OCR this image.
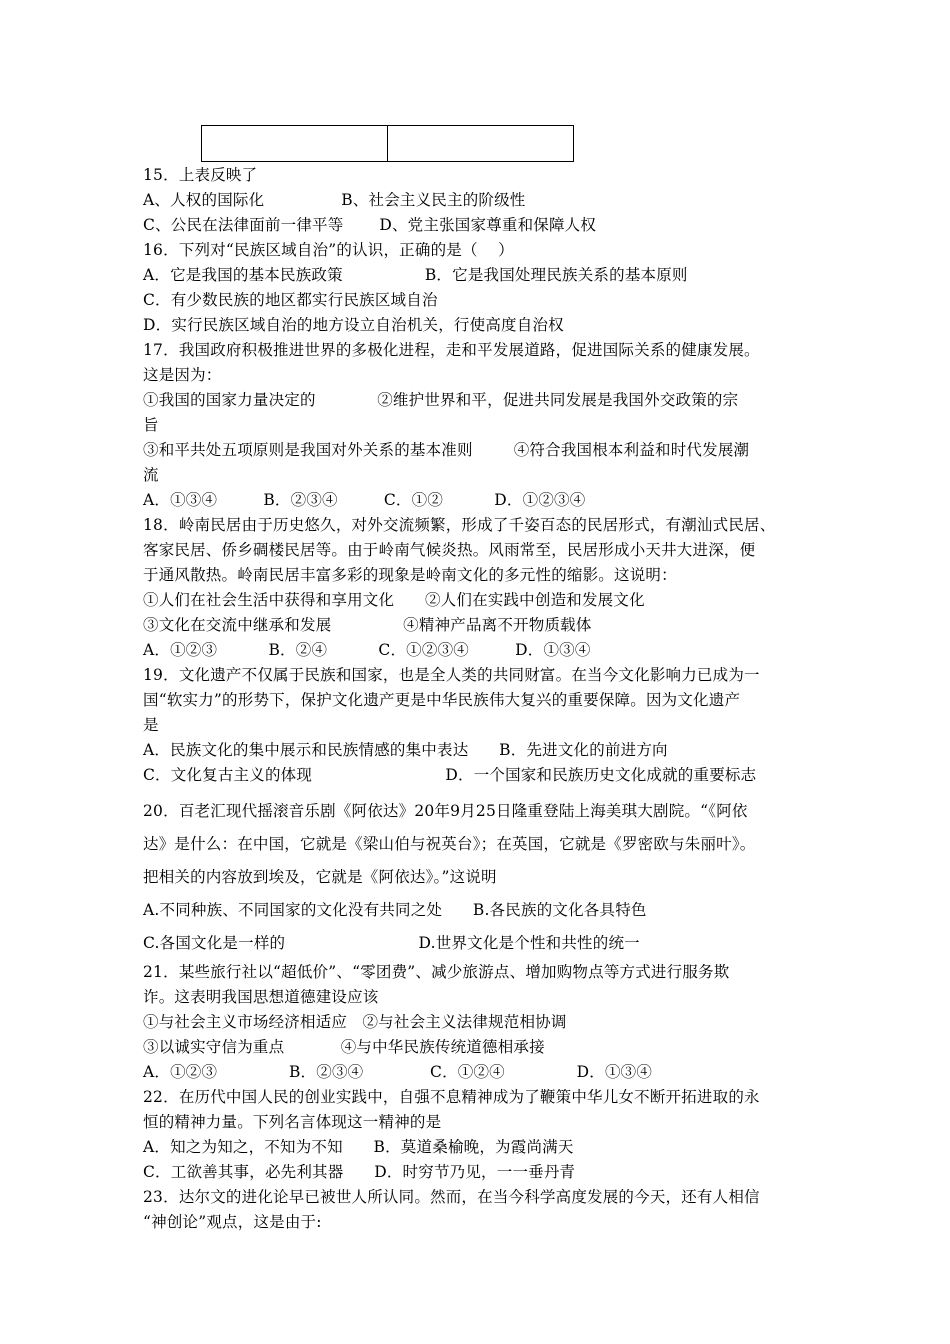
15．上表反映了
A、人权的国际化               B、社会主义民主的阶级性
C、公民在法律面前一律平等       D、党主张国家尊重和保障人权
16．下列对“民族区域自治”的认识，正确的是（    ）
A．它是我国的基本民族政策                B．它是我国处理民族关系的基本原则
C．有少数民族的地区都实行民族区域自治
D．实行民族区域自治的地方设立自治机关，行使高度自治权
17．我国政府积极推进世界的多极化进程，走和平发展道路，促进国际关系的健康发展。
这是因为：
①我国的国家力量决定的            ②维护世界和平，促进共同发展是我国外交政策的宗
旨
③和平共处五项原则是我国对外关系的基本准则        ④符合我国根本利益和时代发展潮
流
A．①③④         B．②③④         C．①②          D．①②③④
18．岭南民居由于历史悠久，对外交流频繁，形成了千姿百态的民居形式，有潮汕式民居、
客家民居、侨乡碉楼民居等。由于岭南气候炎热。风雨常至，民居形成小天井大进深，便
于通风散热。岭南民居丰富多彩的现象是岭南文化的多元性的缩影。这说明：
①人们在社会生活中获得和享用文化      ②人们在实践中创造和发展文化
③文化在交流中继承和发展              ④精神产品离不开物质载体
A．①②③          B．②④          C．①②③④         D．①③④
19．文化遗产不仅属于民族和国家，也是全人类的共同财富。在当今文化影响力已成为一
国“软实力”的形势下，保护文化遗产更是中华民族伟大复兴的重要保障。因为文化遗产
是
A．民族文化的集中展示和民族情感的集中表达      B．先进文化的前进方向
C．文化复古主义的体现                          D．一个国家和民族历史文化成就的重要标志
20．百老汇现代摇滚音乐剧《阿依达》20年9月25日隆重登陆上海美琪大剧院。“《阿依
达》是什么：在中国，它就是《梁山伯与祝英台》；在英国，它就是《罗密欧与朱丽叶》。
把相关的内容放到埃及，它就是《阿依达》。”这说明
A.不同种族、不同国家的文化没有共同之处      B.各民族的文化各具特色
C.各国文化是一样的                          D.世界文化是个性和共性的统一
21．某些旅行社以“超低价”、“零团费”、减少旅游点、增加购物点等方式进行服务欺
诈。这表明我国思想道德建设应该
①与社会主义市场经济相适应   ②与社会主义法律规范相协调
③以诚实守信为重点           ④与中华民族传统道德相承接
A．①②③              B．②③④             C．①②④              D．①③④
22．在历代中国人民的创业实践中，自强不息精神成为了鞭策中华儿女不断开拓进取的永
恒的精神力量。下列名言体现这一精神的是
A．知之为知之，不知为不知      B．莫道桑榆晚，为霞尚满天
C．工欲善其事，必先利其器      D．时穷节乃见，一一垂丹青
23．达尔文的进化论早已被世人所认同。然而，在当今科学高度发展的今天，还有人相信
“神创论”观点，这是由于:
